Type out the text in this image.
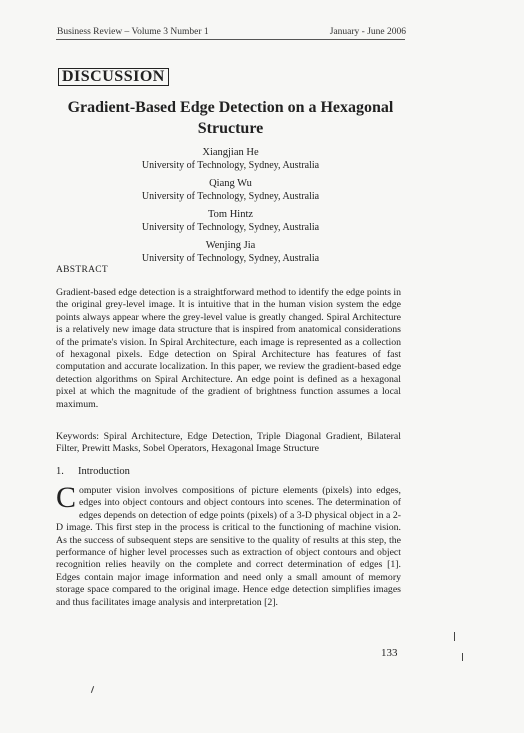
Business Review – Volume 3 Number 1	January - June 2006
DISCUSSION
Gradient-Based Edge Detection on a Hexagonal Structure
Xiangjian He
University of Technology, Sydney, Australia
Qiang Wu
University of Technology, Sydney, Australia
Tom Hintz
University of Technology, Sydney, Australia
Wenjing Jia
University of Technology, Sydney, Australia
ABSTRACT
Gradient-based edge detection is a straightforward method to identify the edge points in the original grey-level image. It is intuitive that in the human vision system the edge points always appear where the grey-level value is greatly changed. Spiral Architecture is a relatively new image data structure that is inspired from anatomical considerations of the primate's vision. In Spiral Architecture, each image is represented as a collection of hexagonal pixels. Edge detection on Spiral Architecture has features of fast computation and accurate localization. In this paper, we review the gradient-based edge detection algorithms on Spiral Architecture. An edge point is defined as a hexagonal pixel at which the magnitude of the gradient of brightness function assumes a local maximum.
Keywords: Spiral Architecture, Edge Detection, Triple Diagonal Gradient, Bilateral Filter, Prewitt Masks, Sobel Operators, Hexagonal Image Structure
1. Introduction
Computer vision involves compositions of picture elements (pixels) into edges, edges into object contours and object contours into scenes. The determination of edges depends on detection of edge points (pixels) of a 3-D physical object in a 2-D image. This first step in the process is critical to the functioning of machine vision. As the success of subsequent steps are sensitive to the quality of results at this step, the performance of higher level processes such as extraction of object contours and object recognition relies heavily on the complete and correct determination of edges [1]. Edges contain major image information and need only a small amount of memory storage space compared to the original image. Hence edge detection simplifies images and thus facilitates image analysis and interpretation [2].
133
